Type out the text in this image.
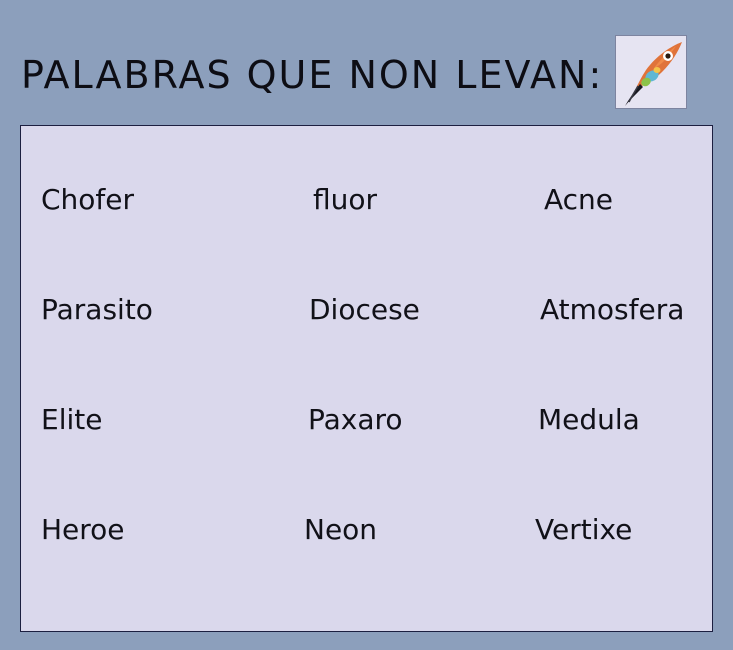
PALABRAS QUE NON LEVAN:
Chofer	fluor	Acne
Parasito	Diocese	Atmosfera
Elite	Paxaro	Medula
Heroe	Neon	Vertixe
